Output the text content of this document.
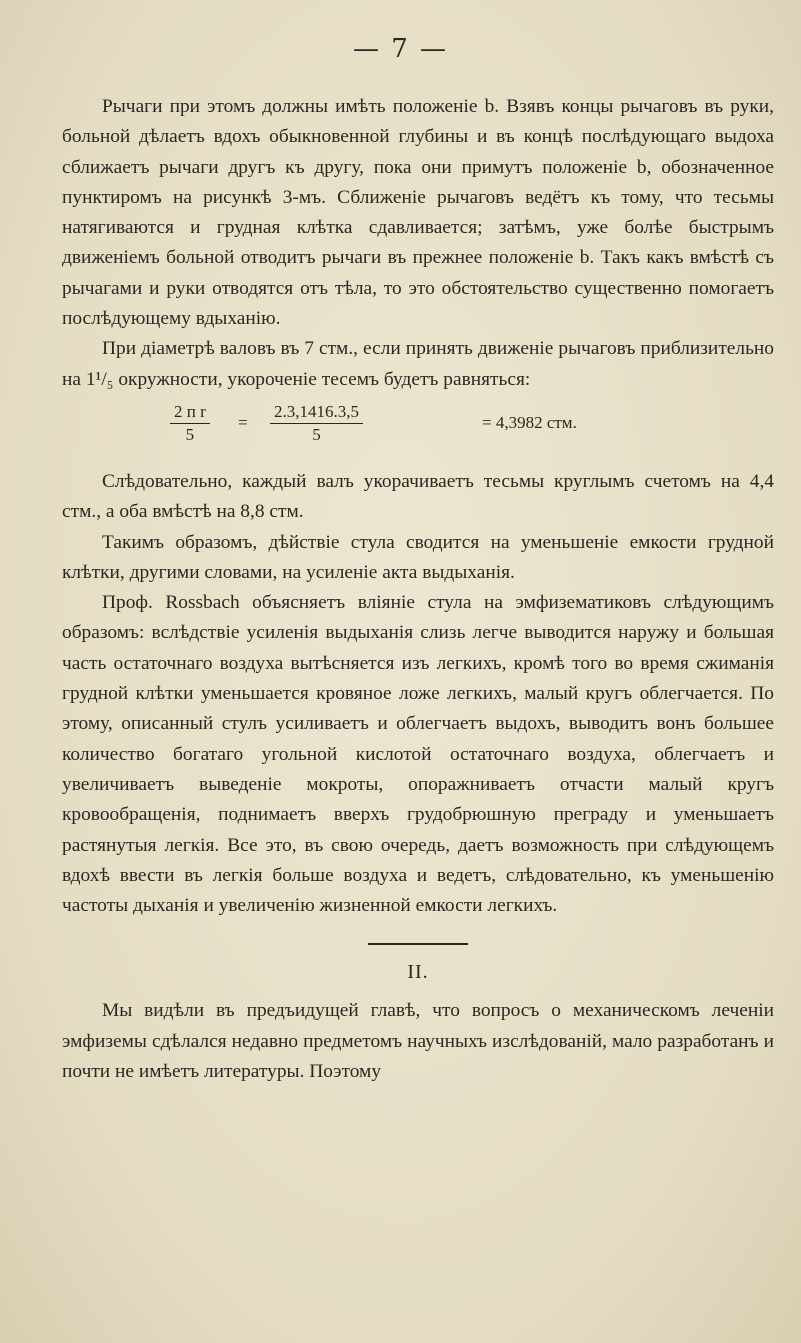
— 7 —

Рычаги при этомъ должны имѣть положеніе b. Взявъ концы рычаговъ въ руки, больной дѣлаетъ вдохъ обыкновенной глубины и въ концѣ послѣдующаго выдоха сближаетъ рычаги другъ къ другу, пока они примутъ положеніе b, обозначенное пунктиромъ на рисункѣ 3-мъ. Сближеніе рычаговъ ведётъ къ тому, что тесьмы натягиваются и грудная клѣтка сдавливается; затѣмъ, уже болѣе быстрымъ движеніемъ больной отводитъ рычаги въ прежнее положеніе b. Такъ какъ вмѣстѣ съ рычагами и руки отводятся отъ тѣла, то это обстоятельство существенно помогаетъ послѣдующему вдыханію.

При діаметрѣ валовъ въ 7 стм., если принять движеніе рычаговъ приблизительно на 1¹/₅ окружности, укороченіе тесемъ будетъ равняться:

2 п r
5
= $\frac{2.3,1416.3,5}{5}$	= 4,3982 стм.

Слѣдовательно, каждый валъ укорачиваетъ тесьмы круглымъ счетомъ на 4,4 стм., а оба вмѣстѣ на 8,8 стм.

Такимъ образомъ, дѣйствіе стула сводится на уменьшеніе емкости грудной клѣтки, другими словами, на усиленіе акта выдыханія.

Проф. Rossbach объясняетъ вліяніе стула на эмфизематиковъ слѣдующимъ образомъ: вслѣдствіе усиленія выдыханія слизь легче выводится наружу и большая часть остаточнаго воздуха вытѣсняется изъ легкихъ, кромѣ того во время сжиманія грудной клѣтки уменьшается кровяное ложе легкихъ, малый кругъ облегчается. По этому, описанный стулъ усиливаетъ и облегчаетъ выдохъ, выводитъ вонъ большее количество богатаго угольной кислотой остаточнаго воздуха, облегчаетъ и увеличиваетъ выведеніе мокроты, опоражниваетъ отчасти малый кругъ кровообращенія, поднимаетъ вверхъ грудобрюшную преграду и уменьшаетъ растянутыя легкія. Все это, въ свою очередь, даетъ возможность при слѣдующемъ вдохѣ ввести въ легкія больше воздуха и ведетъ, слѣдовательно, къ уменьшенію частоты дыханія и увеличенію жизненной емкости легкихъ.

II.

Мы видѣли въ предъидущей главѣ, что вопросъ о механическомъ леченіи эмфиземы сдѣлался недавно предметомъ научныхъ изслѣдованій, мало разработанъ и почти не имѣетъ литературы. Поэтому
